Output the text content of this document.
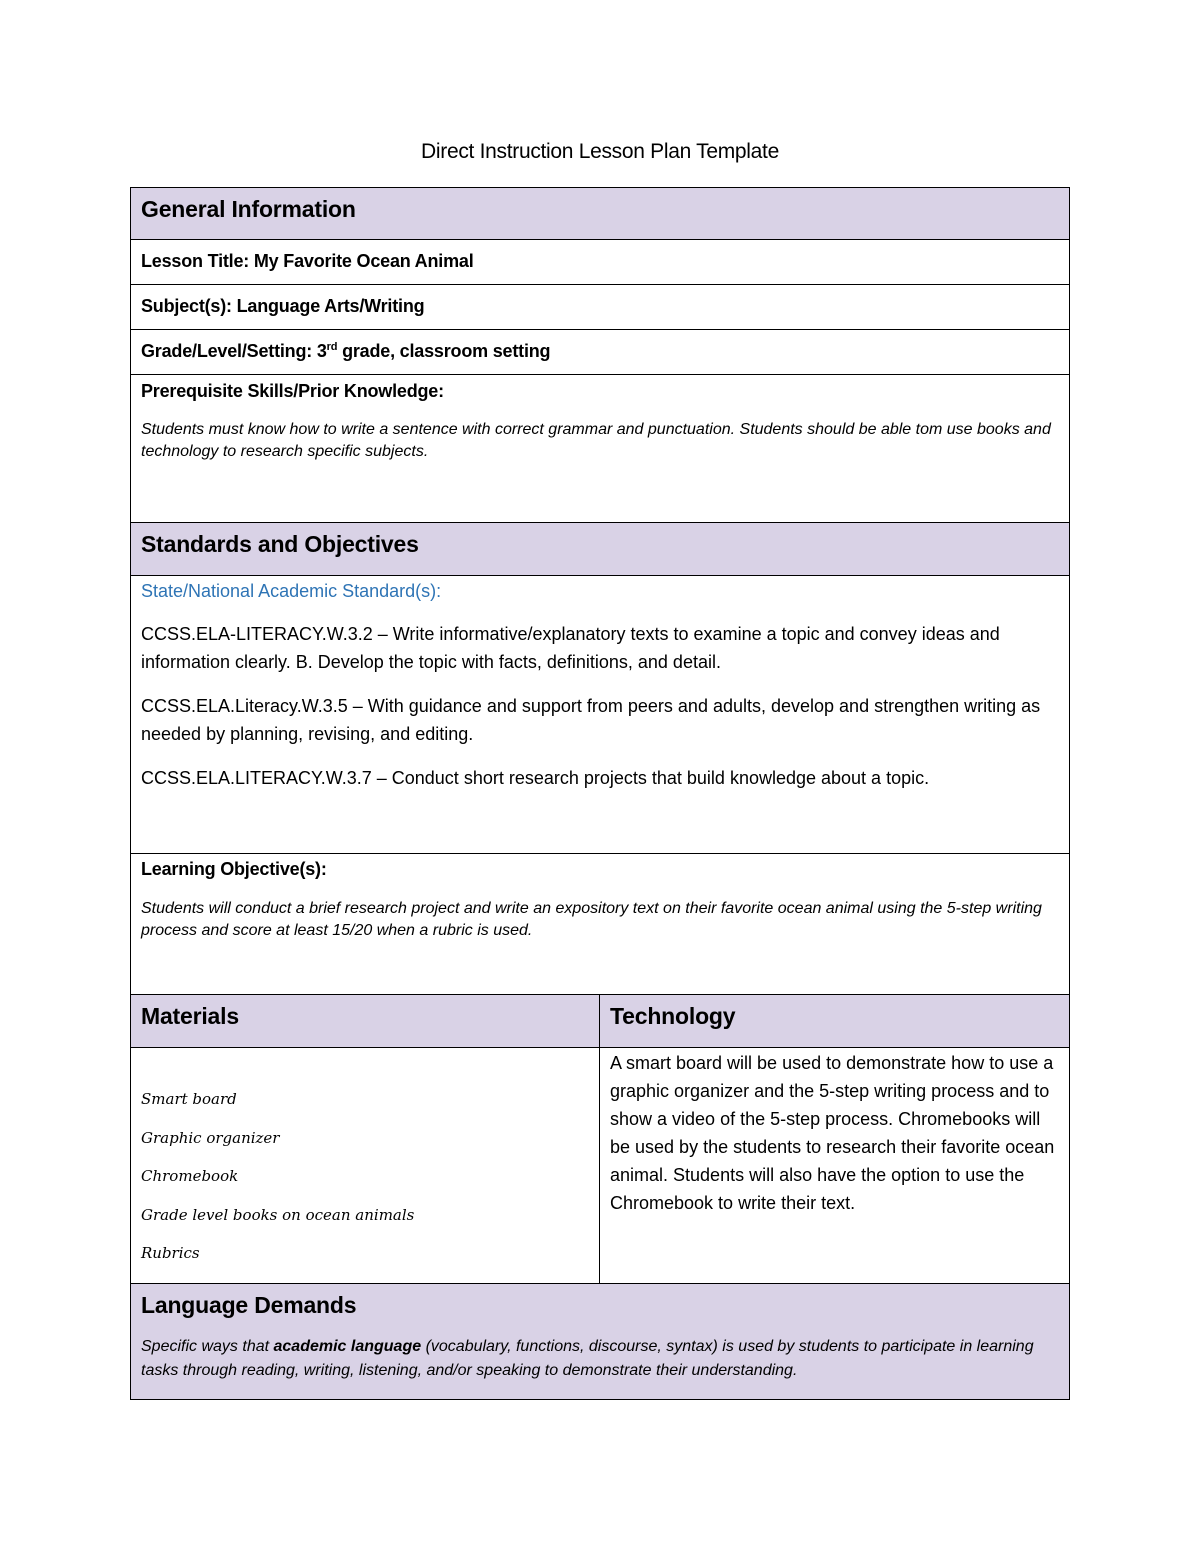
Direct Instruction Lesson Plan Template
General Information
Lesson Title: My Favorite Ocean Animal
Subject(s): Language Arts/Writing
Grade/Level/Setting: 3rd grade, classroom setting
Prerequisite Skills/Prior Knowledge:
Students must know how to write a sentence with correct grammar and punctuation. Students should be able tom use books and technology to research specific subjects.
Standards and Objectives
State/National Academic Standard(s):
CCSS.ELA-LITERACY.W.3.2 – Write informative/explanatory texts to examine a topic and convey ideas and information clearly. B. Develop the topic with facts, definitions, and detail.
CCSS.ELA.Literacy.W.3.5 – With guidance and support from peers and adults, develop and strengthen writing as needed by planning, revising, and editing.
CCSS.ELA.LITERACY.W.3.7 – Conduct short research projects that build knowledge about a topic.
Learning Objective(s):
Students will conduct a brief research project and write an expository text on their favorite ocean animal using the 5-step writing process and score at least 15/20 when a rubric is used.
Materials	Technology
Smart board
Graphic organizer
Chromebook
Grade level books on ocean animals
Rubrics
A smart board will be used to demonstrate how to use a graphic organizer and the 5-step writing process and to show a video of the 5-step process. Chromebooks will be used by the students to research their favorite ocean animal. Students will also have the option to use the Chromebook to write their text.
Language Demands
Specific ways that academic language (vocabulary, functions, discourse, syntax) is used by students to participate in learning tasks through reading, writing, listening, and/or speaking to demonstrate their understanding.
